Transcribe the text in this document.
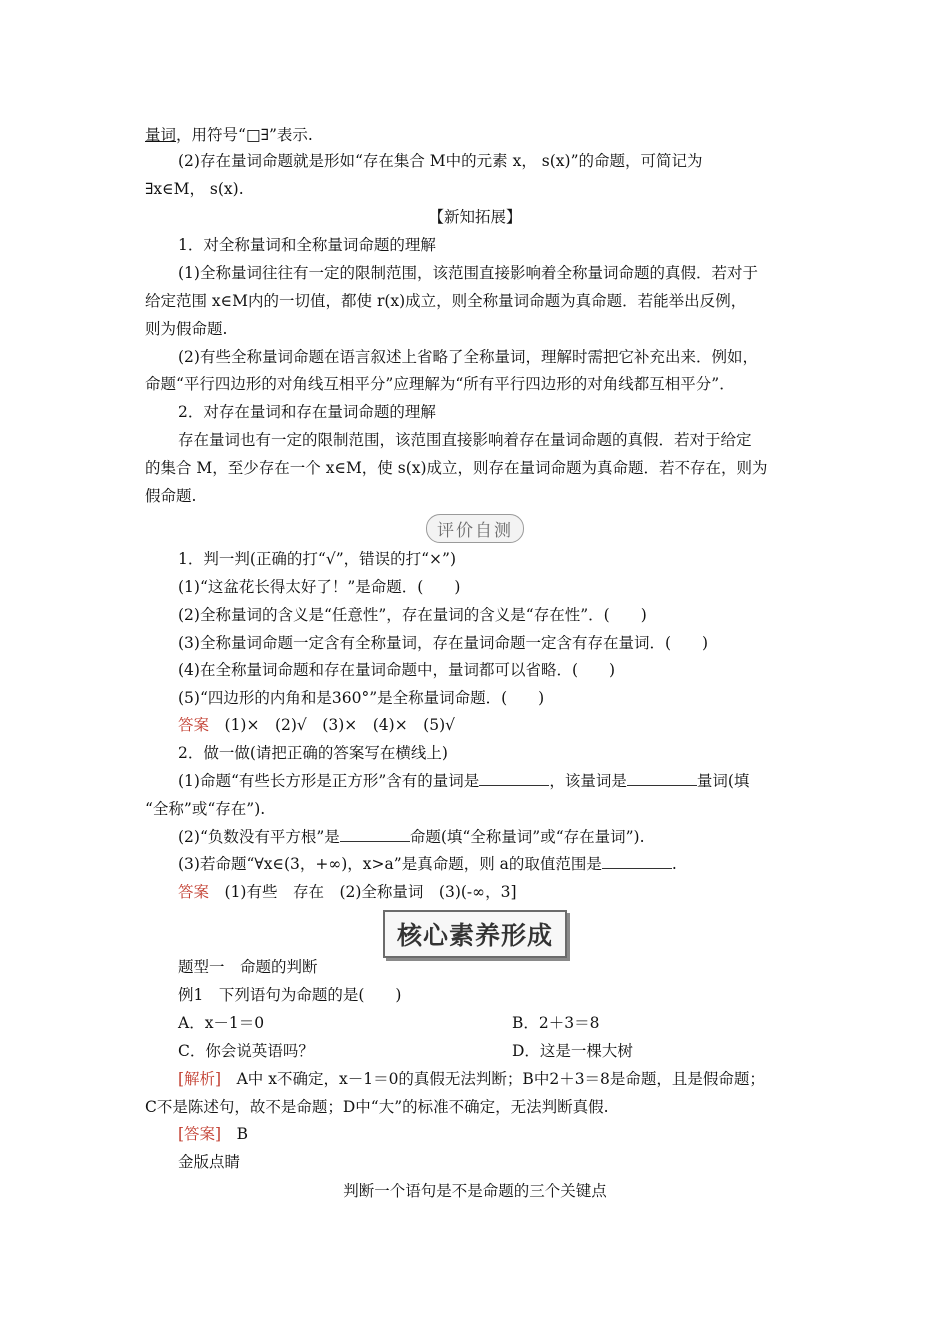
量词，用符号“□∃”表示.
(2)存在量词命题就是形如“存在集合 M中的元素 x， s(x)”的命题，可简记为
∃x∈M， s(x).
【新知拓展】
1．对全称量词和全称量词命题的理解
(1)全称量词往往有一定的限制范围，该范围直接影响着全称量词命题的真假．若对于
给定范围 x∈M内的一切值，都使 r(x)成立，则全称量词命题为真命题．若能举出反例，
则为假命题.
(2)有些全称量词命题在语言叙述上省略了全称量词，理解时需把它补充出来．例如，
命题“平行四边形的对角线互相平分”应理解为“所有平行四边形的对角线都互相平分”．
2．对存在量词和存在量词命题的理解
存在量词也有一定的限制范围，该范围直接影响着存在量词命题的真假．若对于给定
的集合 M，至少存在一个 x∈M，使 s(x)成立，则存在量词命题为真命题．若不存在，则为
假命题.
评价自测
1．判一判(正确的打“√”，错误的打“×”)
(1)“这盆花长得太好了！”是命题．(　　)
(2)全称量词的含义是“任意性”，存在量词的含义是“存在性”．(　　)
(3)全称量词命题一定含有全称量词，存在量词命题一定含有存在量词．(　　)
(4)在全称量词命题和存在量词命题中，量词都可以省略．(　　)
(5)“四边形的内角和是360°”是全称量词命题．(　　)
答案　(1)×　(2)√　(3)×　(4)×　(5)√
2．做一做(请把正确的答案写在横线上)
(1)命题“有些长方形是正方形”含有的量词是	，该量词是	量词(填
“全称”或“存在”).
(2)“负数没有平方根”是	命题(填“全称量词”或“存在量词”).
(3)若命题“∀x∈(3，+∞)，x>a”是真命题，则 a的取值范围是	.
答案　(1)有些　存在　(2)全称量词　(3)(-∞，3]
核心素养形成
题型一　命题的判断
例1　下列语句为命题的是(　　)
A．x－1＝0	B．2＋3＝8
C．你会说英语吗？	D．这是一棵大树
[解析]　A中 x不确定，x－1＝0的真假无法判断；B中2＋3＝8是命题，且是假命题；
C不是陈述句，故不是命题；D中“大”的标准不确定，无法判断真假.
[答案]　B
金版点睛
判断一个语句是不是命题的三个关键点
